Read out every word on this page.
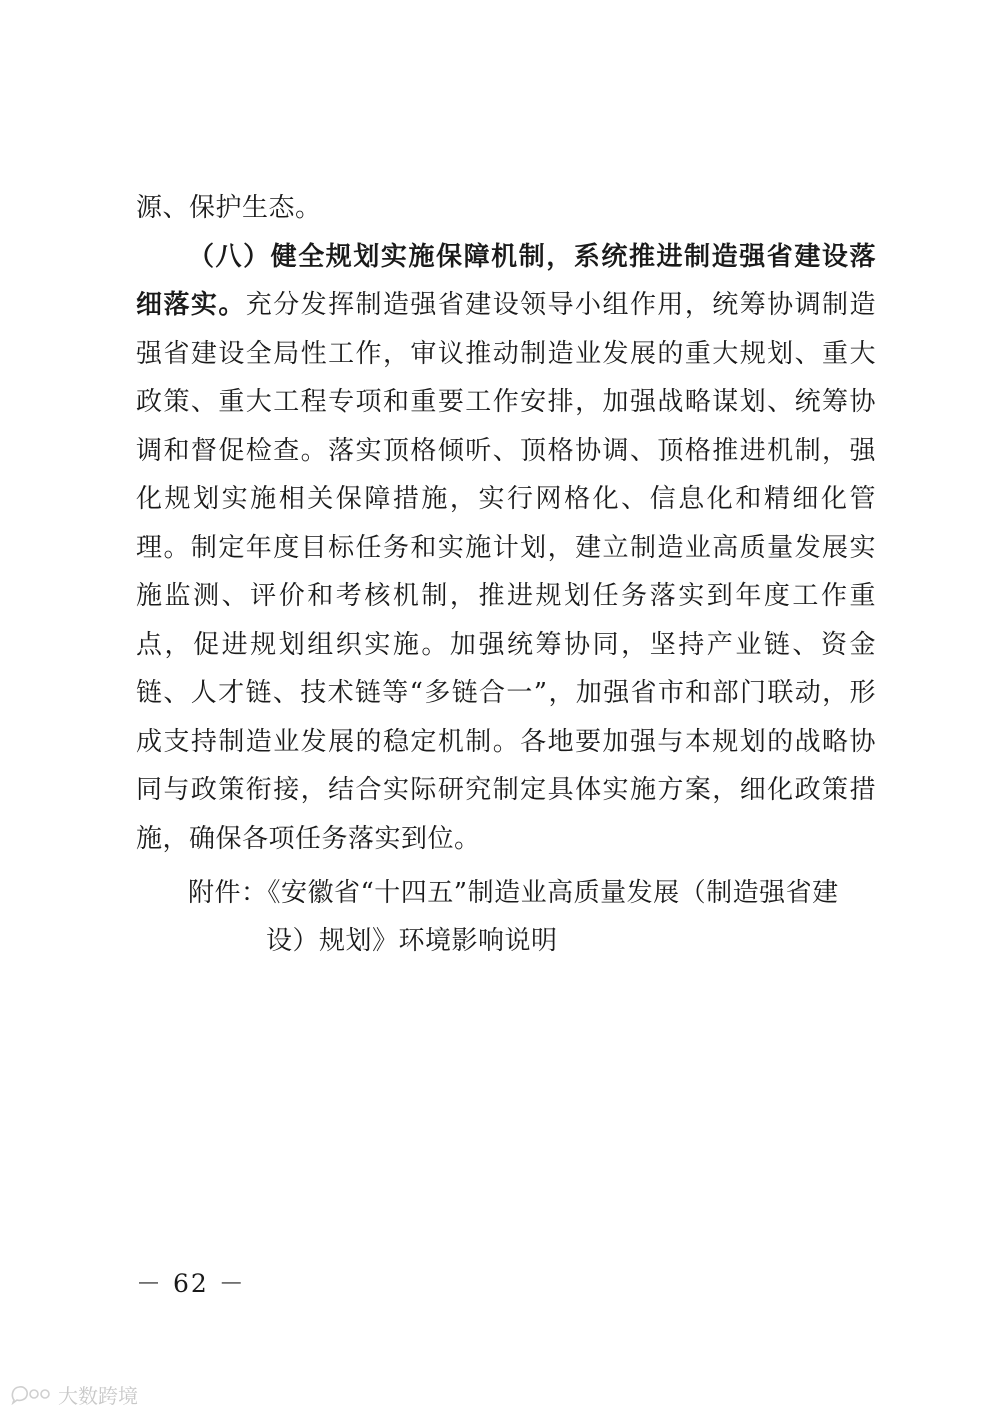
源、保护生态。

（八）健全规划实施保障机制，系统推进制造强省建设落细落实。充分发挥制造强省建设领导小组作用，统筹协调制造强省建设全局性工作，审议推动制造业发展的重大规划、重大政策、重大工程专项和重要工作安排，加强战略谋划、统筹协调和督促检查。落实顶格倾听、顶格协调、顶格推进机制，强化规划实施相关保障措施，实行网格化、信息化和精细化管理。制定年度目标任务和实施计划，建立制造业高质量发展实施监测、评价和考核机制，推进规划任务落实到年度工作重点，促进规划组织实施。加强统筹协同，坚持产业链、资金链、人才链、技术链等“多链合一”，加强省市和部门联动，形成支持制造业发展的稳定机制。各地要加强与本规划的战略协同与政策衔接，结合实际研究制定具体实施方案，细化政策措施，确保各项任务落实到位。

附件：《安徽省“十四五”制造业高质量发展（制造强省建
设）规划》环境影响说明
－ 62 －
大数跨境
